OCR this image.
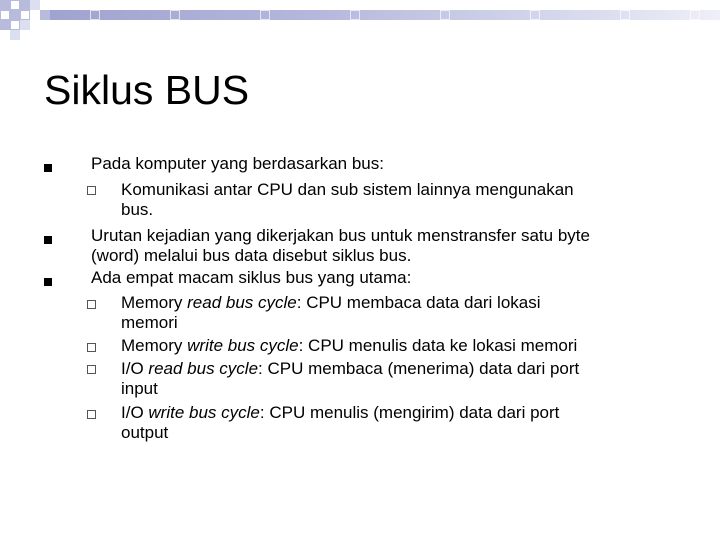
Siklus BUS
Pada komputer yang berdasarkan bus:
Komunikasi antar CPU dan sub sistem lainnya mengunakan
bus.
Urutan kejadian yang dikerjakan bus untuk menstransfer satu byte
(word) melalui bus data disebut siklus bus.
Ada empat macam siklus bus yang utama:
Memory read bus cycle: CPU membaca data dari lokasi
memori
Memory write bus cycle: CPU menulis data ke lokasi memori
I/O read bus cycle: CPU membaca (menerima) data dari port
input
I/O write bus cycle: CPU menulis (mengirim) data dari port
output
